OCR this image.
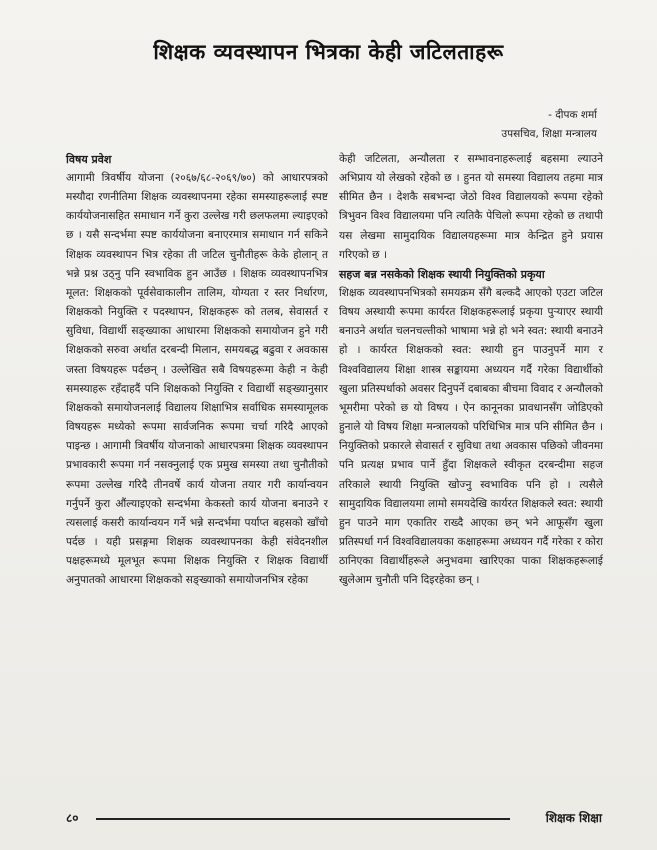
शिक्षक व्यवस्थापन भित्रका केही जटिलताहरू
- दीपक शर्मा
उपसचिव, शिक्षा मन्त्रालय

विषय प्रवेश

आगामी त्रिवर्षीय योजना (२०६७/६८-२०६९/७०) को आधारपत्रको मस्यौदा रणनीतिमा शिक्षक व्यवस्थापनमा रहेका समस्याहरूलाई स्पष्ट कार्ययोजनासहित समाधान गर्ने कुरा उल्लेख गरी छलफलमा ल्याइएको छ । यसै सन्दर्भमा स्पष्ट कार्ययोजना बनाएरमात्र समाधान गर्न सकिने शिक्षक व्यवस्थापन भित्र रहेका ती जटिल चुनौतीहरू केके होलान् त भन्ने प्रश्न उठ्नु पनि स्वभाविक हुन आउँछ । शिक्षक व्यवस्थापनभित्र मूलत: शिक्षकको पूर्वसेवाकालीन तालिम, योग्यता र स्तर निर्धारण, शिक्षकको नियुक्ति र पदस्थापन, शिक्षकहरू को तलब, सेवासर्त र सुविधा, विद्यार्थी सङ्ख्याका आधारमा शिक्षकको समायोजन हुने गरी शिक्षकको सरुवा अर्थात दरबन्दी मिलान, समयबद्ध बढुवा र अवकास जस्ता विषयहरू पर्दछन् । उल्लेखित सबै विषयहरूमा केही न केही समस्याहरू रहँदाहदैं पनि शिक्षकको नियुक्ति र विद्यार्थी सङ्ख्यानुसार शिक्षकको समायोजनलाई विद्यालय शिक्षाभित्र सर्वाधिक समस्यामूलक विषयहरू मध्येको रूपमा सार्वजनिक रूपमा चर्चा गरिदै आएको पाइन्छ । आगामी त्रिवर्षीय योजनाको आधारपत्रमा शिक्षक व्यवस्थापन प्रभावकारी रूपमा गर्न नसक्नुलाई एक प्रमुख समस्या तथा चुनौतीको रूपमा उल्लेख गरिदै तीनवर्षे कार्य योजना तयार गरी कार्यान्वयन गर्नुपर्ने कुरा औंल्याइएको सन्दर्भमा केकस्तो कार्य योजना बनाउने र त्यसलाई कसरी कार्यान्वयन गर्ने भन्ने सन्दर्भमा पर्याप्त बहसको खाँचो पर्दछ । यही प्रसङ्गमा शिक्षक व्यवस्थापनका केही संवेदनशील पक्षहरूमध्ये मूलभूत रूपमा शिक्षक नियुक्ति र शिक्षक विद्यार्थी अनुपातको आधारमा शिक्षकको सङ्ख्याको समायोजनभित्र रहेका

केही जटिलता, अन्यौलता र सम्भावनाहरूलाई बहसमा ल्याउने अभिप्राय यो लेखको रहेको छ । हुनत यो समस्या विद्यालय तहमा मात्र सीमित छैन । देशकै सबभन्दा जेठो विश्व विद्यालयको रूपमा रहेको त्रिभुवन विश्व विद्यालयमा पनि त्यतिकै पेचिलो रूपमा रहेको छ तथापी यस लेखमा सामुदायिक विद्यालयहरूमा मात्र केन्द्रित हुने प्रयास गरिएको छ ।

सहज बन्न नसकेको शिक्षक स्थायी नियुक्तिको प्रकृया

शिक्षक व्यवस्थापनभित्रको समयक्रम सँगै बल्कदै आएको एउटा जटिल विषय अस्थायी रूपमा कार्यरत शिक्षकहरूलाई प्रकृया पुऱ्याएर स्थायी बनाउने अर्थात चलनचल्तीको भाषामा भन्ने हो भने स्वत: स्थायी बनाउने हो । कार्यरत शिक्षकको स्वत: स्थायी हुन पाउनुपर्ने माग र विश्वविद्यालय शिक्षा शास्त्र सङ्कायमा अध्ययन गर्दै गरेका विद्यार्थीको खुला प्रतिस्पर्धाको अवसर दिनुपर्ने दबाबका बीचमा विवाद र अन्यौलको भूमरीमा परेको छ यो विषय । ऐन कानूनका प्रावधानसँग जोडिएको हुनाले यो विषय शिक्षा मन्त्रालयको परिधिभित्र मात्र पनि सीमित छैन । नियुक्तिको प्रकारले सेवासर्त र सुविधा तथा अवकास पछिको जीवनमा पनि प्रत्यक्ष प्रभाव पार्ने हुँदा शिक्षकले स्वीकृत दरबन्दीमा सहज तरिकाले स्थायी नियुक्ति खोज्नु स्वभाविक पनि हो । त्यसैले सामुदायिक विद्यालयमा लामो समयदेखि कार्यरत शिक्षकले स्वत: स्थायी हुन पाउने माग एकातिर राख्दै आएका छन् भने आफूसँग खुला प्रतिस्पर्धा गर्न विश्वविद्यालयका कक्षाहरूमा अध्ययन गर्दै गरेका र कोरा ठानिएका विद्यार्थीहरूले अनुभवमा खारिएका पाका शिक्षकहरूलाई खुलेआम चुनौती पनि दिइरहेका छन् ।

८०	शिक्षक शिक्षा
